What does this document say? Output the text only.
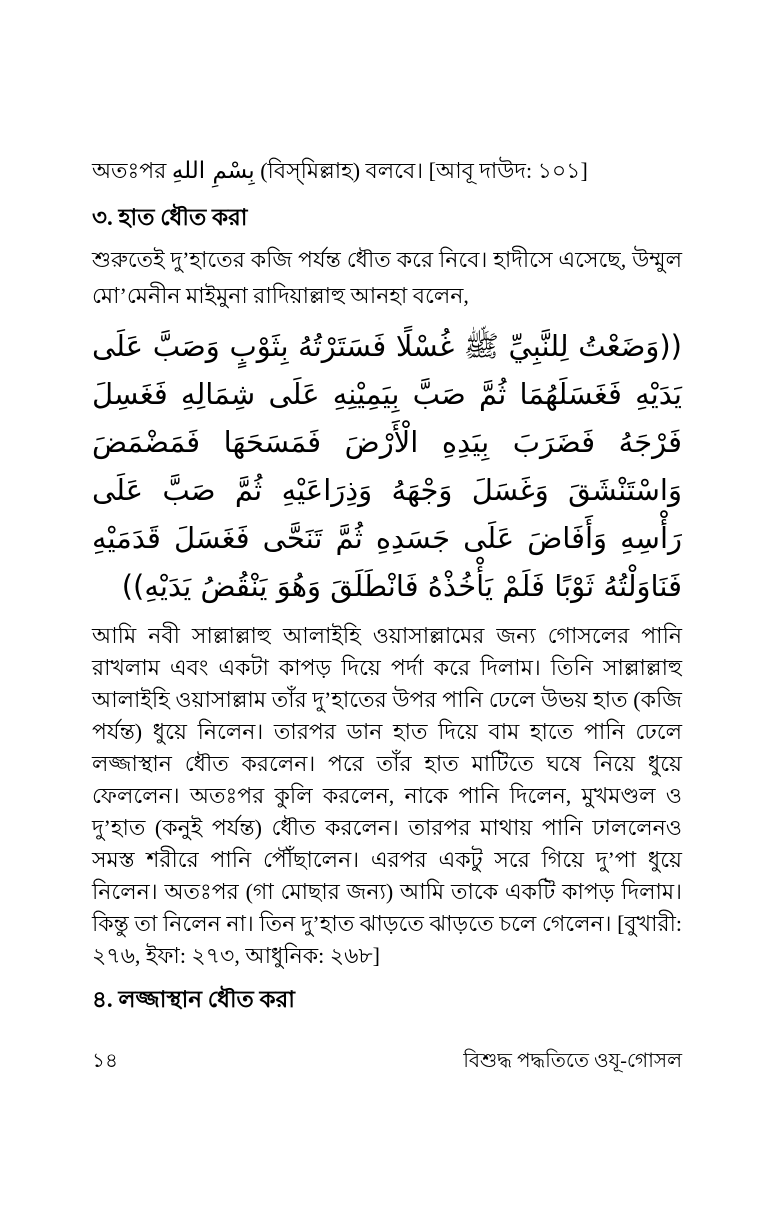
অতঃপর بِسْمِ اللهِ (বিস্‌মিল্লাহ) বলবে। [আবূ দাউদ: ১০১]

৩. হাত ধৌত করা

শুরুতেই দু’হাতের কজি পর্যন্ত ধৌত করে নিবে। হাদীসে এসেছে, উম্মুল মো’মেনীন মাইমুনা রাদিয়াল্লাহু আনহা বলেন,

((وَضَعْتُ لِلنَّبِيِّ ﷺ غُسْلًا فَسَتَرْتُهُ بِثَوْبٍ وَصَبَّ عَلَى يَدَيْهِ فَغَسَلَهُمَا ثُمَّ صَبَّ بِيَمِيْنِهِ عَلَى شِمَالِهِ فَغَسِلَ فَرْجَهُ فَضَرَبَ بِيَدِهِ الْأَرْضَ فَمَسَحَهَا فَمَضْمَضَ وَاسْتَنْشَقَ وَغَسَلَ وَجْهَهُ وَذِرَاعَيْهِ ثُمَّ صَبَّ عَلَى رَأْسِهِ وَأَفَاضَ عَلَى جَسَدِهِ ثُمَّ تَنَحَّى فَغَسَلَ قَدَمَيْهِ فَنَاوَلْتُهُ ثَوْبًا فَلَمْ يَأْخُذْهُ فَانْطَلَقَ وَهُوَ يَنْقُضُ يَدَيْهِ))

আমি নবী সাল্লাল্লাহু আলাইহি ওয়াসাল্লামের জন্য গোসলের পানি রাখলাম এবং একটা কাপড় দিয়ে পর্দা করে দিলাম। তিনি সাল্লাল্লাহু আলাইহি ওয়াসাল্লাম তাঁর দু’হাতের উপর পানি ঢেলে উভয় হাত (কজি পর্যন্ত) ধুয়ে নিলেন। তারপর ডান হাত দিয়ে বাম হাতে পানি ঢেলে লজ্জাস্থান ধৌত করলেন। পরে তাঁর হাত মাটিতে ঘষে নিয়ে ধুয়ে ফেললেন। অতঃপর কুলি করলেন, নাকে পানি দিলেন, মুখমণ্ডল ও দু’হাত (কনুই পর্যন্ত) ধৌত করলেন। তারপর মাথায় পানি ঢাললেনও সমস্ত শরীরে পানি পৌঁছালেন। এরপর একটু সরে গিয়ে দু’পা ধুয়ে নিলেন। অতঃপর (গা মোছার জন্য) আমি তাকে একটি কাপড় দিলাম। কিন্তু তা নিলেন না। তিন দু’হাত ঝাড়তে ঝাড়তে চলে গেলেন। [বুখারী: ২৭৬, ইফা: ২৭৩, আধুনিক: ২৬৮]

৪. লজ্জাস্থান ধৌত করা
১৪	বিশুদ্ধ পদ্ধতিতে ওযূ-গোসল
